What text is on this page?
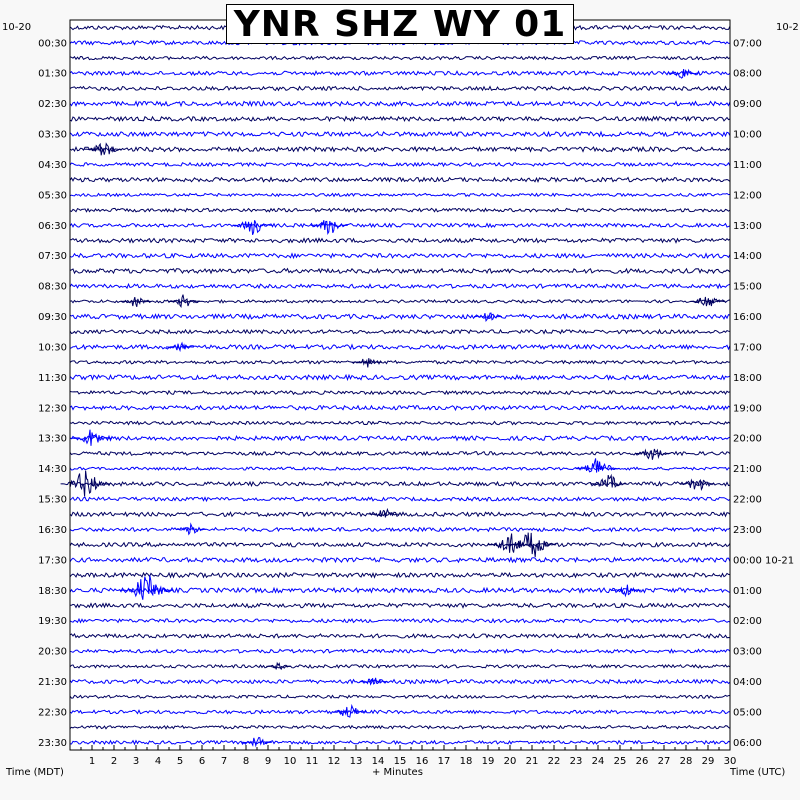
1 2 3 4 5 6 7 8 9 10 11 12 13 14 15 16 17 18 19 20 21 22 23 24 25 26 27 28 29 30
00:30
01:30
02:30
03:30
04:30
05:30
06:30
07:30
08:30
09:30
10:30
11:30
12:30
13:30
14:30
15:30
16:30
17:30
18:30
19:30
20:30
21:30
22:30
23:30
07:00
08:00
09:00
10:00
11:00
12:00
13:00
14:00
15:00
16:00
17:00
18:00
19:00
20:00
21:00
22:00
23:00
00:00 10-21
01:00
02:00
03:00
04:00
05:00
06:00
YNR SHZ WY 01
10-20	10-2
Time (MDT)	+ Minutes	Time (UTC)
